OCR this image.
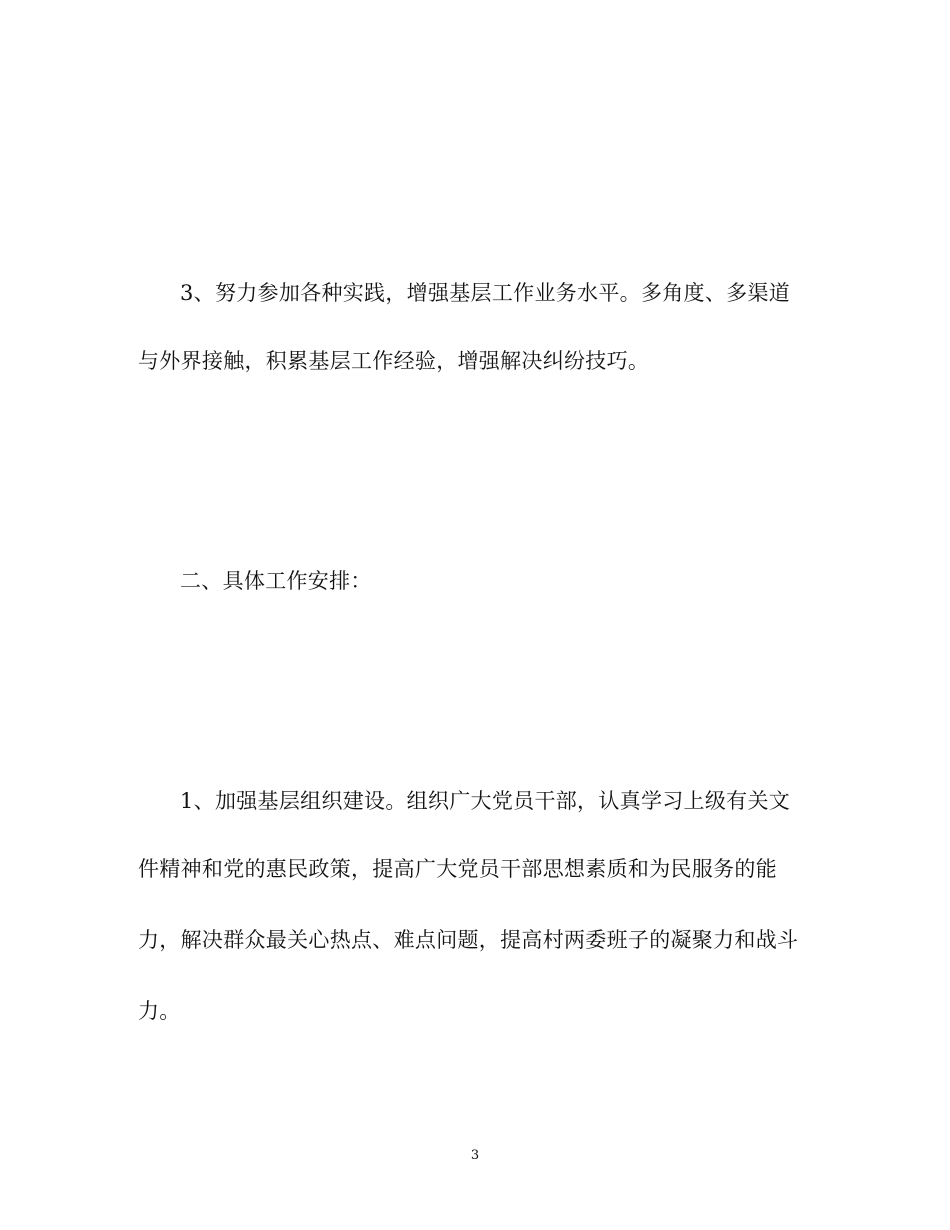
3、努力参加各种实践，增强基层工作业务水平。多角度、多渠道
与外界接触，积累基层工作经验，增强解决纠纷技巧。
二、具体工作安排：
1、加强基层组织建设。组织广大党员干部，认真学习上级有关文
件精神和党的惠民政策，提高广大党员干部思想素质和为民服务的能
力，解决群众最关心热点、难点问题，提高村两委班子的凝聚力和战斗
力。
3
